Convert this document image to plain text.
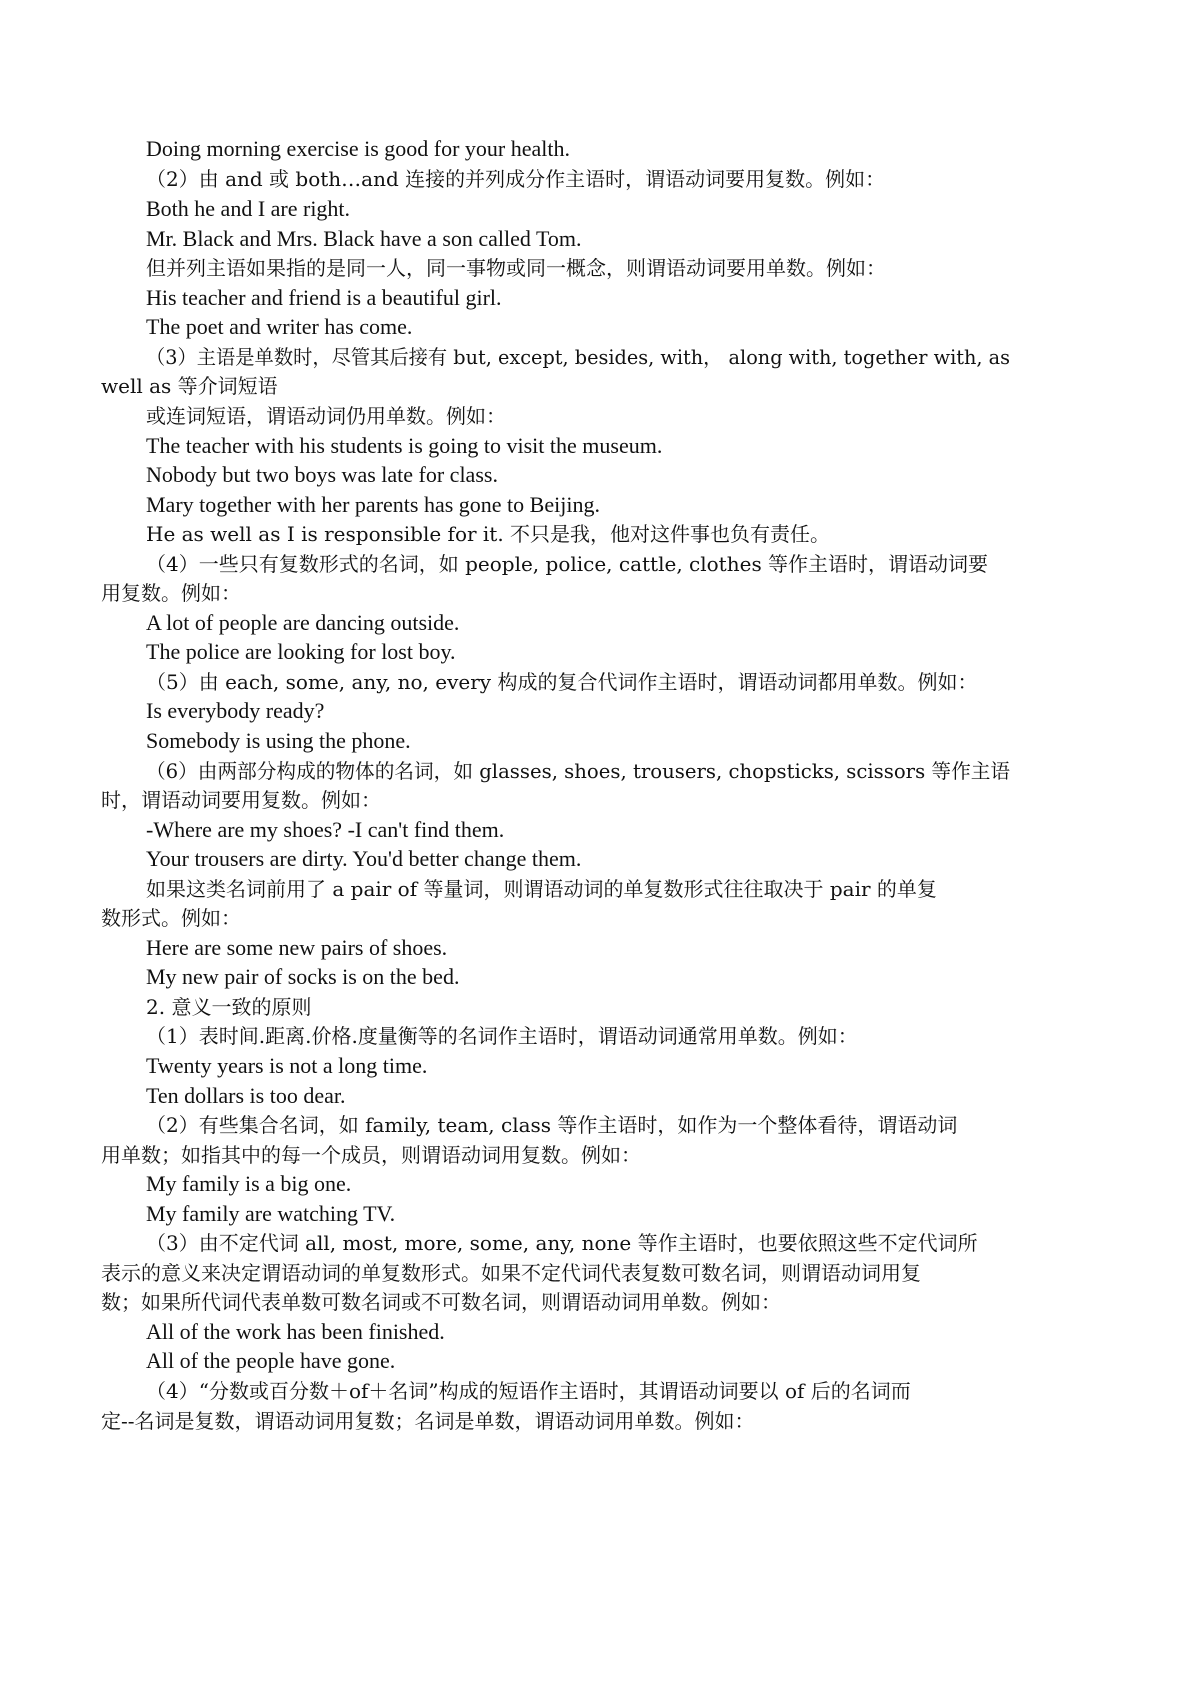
Doing morning exercise is good for your health.
（2）由 and 或 both…and 连接的并列成分作主语时，谓语动词要用复数。例如：
Both he and I are right.
Mr. Black and Mrs. Black have a son called Tom.
但并列主语如果指的是同一人，同一事物或同一概念，则谓语动词要用单数。例如：
His teacher and friend is a beautiful girl.
The poet and writer has come.
（3）主语是单数时，尽管其后接有 but, except, besides, with， along with, together with, as
well as 等介词短语
或连词短语，谓语动词仍用单数。例如：
The teacher with his students is going to visit the museum.
Nobody but two boys was late for class.
Mary together with her parents has gone to Beijing.
He as well as I is responsible for it. 不只是我，他对这件事也负有责任。
（4）一些只有复数形式的名词，如 people, police, cattle, clothes 等作主语时，谓语动词要
用复数。例如：
A lot of people are dancing outside.
The police are looking for lost boy.
（5）由 each, some, any, no, every 构成的复合代词作主语时，谓语动词都用单数。例如：
Is everybody ready?
Somebody is using the phone.
（6）由两部分构成的物体的名词，如 glasses, shoes, trousers, chopsticks, scissors 等作主语
时，谓语动词要用复数。例如：
-Where are my shoes? -I can't find them.
Your trousers are dirty. You'd better change them.
如果这类名词前用了 a pair of 等量词，则谓语动词的单复数形式往往取决于 pair 的单复
数形式。例如：
Here are some new pairs of shoes.
My new pair of socks is on the bed.
2. 意义一致的原则
（1）表时间.距离.价格.度量衡等的名词作主语时，谓语动词通常用单数。例如：
Twenty years is not a long time.
Ten dollars is too dear.
（2）有些集合名词，如 family, team, class 等作主语时，如作为一个整体看待，谓语动词
用单数；如指其中的每一个成员，则谓语动词用复数。例如：
My family is a big one.
My family are watching TV.
（3）由不定代词 all, most, more, some, any, none 等作主语时，也要依照这些不定代词所
表示的意义来决定谓语动词的单复数形式。如果不定代词代表复数可数名词，则谓语动词用复
数；如果所代词代表单数可数名词或不可数名词，则谓语动词用单数。例如：
All of the work has been finished.
All of the people have gone.
（4）“分数或百分数＋of＋名词”构成的短语作主语时，其谓语动词要以 of 后的名词而
定--名词是复数，谓语动词用复数；名词是单数，谓语动词用单数。例如：
